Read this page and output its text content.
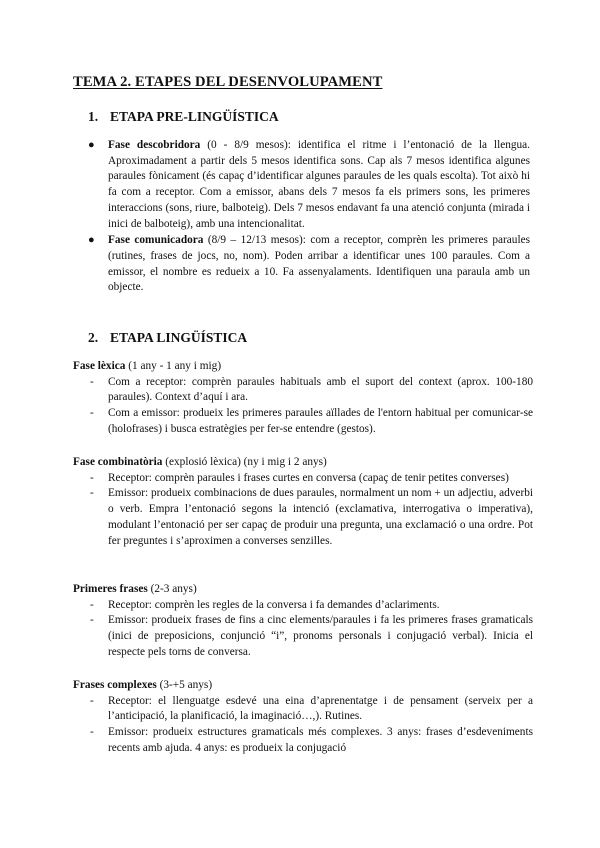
TEMA 2. ETAPES DEL DESENVOLUPAMENT
1. ETAPA PRE-LINGÜÍSTICA
● Fase descobridora (0 - 8/9 mesos): identifica el ritme i l’entonació de la llengua. Aproximadament a partir dels 5 mesos identifica sons. Cap als 7 mesos identifica algunes paraules fònicament (és capaç d’identificar algunes paraules de les quals escolta). Tot això hi fa com a receptor. Com a emissor, abans dels 7 mesos fa els primers sons, les primeres interaccions (sons, riure, balboteig). Dels 7 mesos endavant fa una atenció conjunta (mirada i inici de balboteig), amb una intencionalitat.
● Fase comunicadora (8/9 – 12/13 mesos): com a receptor, comprèn les primeres paraules (rutines, frases de jocs, no, nom). Poden arribar a identificar unes 100 paraules. Com a emissor, el nombre es redueix a 10. Fa assenyalaments. Identifiquen una paraula amb un objecte.
2. ETAPA LINGÜÍSTICA

Fase lèxica (1 any - 1 any i mig)

- Com a receptor: comprèn paraules habituals amb el suport del context (aprox. 100-180 paraules). Context d’aquí i ara.
- Com a emissor: produeix les primeres paraules aïllades de l'entorn habitual per comunicar-se (holofrases) i busca estratègies per fer-se entendre (gestos).

Fase combinatòria (explosió lèxica) (ny i mig i 2 anys)

- Receptor: comprèn paraules i frases curtes en conversa (capaç de tenir petites converses)
- Emissor: produeix combinacions de dues paraules, normalment un nom + un adjectiu, adverbi o verb. Empra l’entonació segons la intenció (exclamativa, interrogativa o imperativa), modulant l’entonació per ser capaç de produir una pregunta, una exclamació o una ordre. Pot fer preguntes i s’aproximen a converses senzilles.

Primeres frases (2-3 anys)

- Receptor: comprèn les regles de la conversa i fa demandes d’aclariments.
- Emissor: produeix frases de fins a cinc elements/paraules i fa les primeres frases gramaticals (inici de preposicions, conjunció “i”, pronoms personals i conjugació verbal). Inicia el respecte pels torns de conversa.

Frases complexes (3-+5 anys)

- Receptor: el llenguatge esdevé una eina d’aprenentatge i de pensament (serveix per a l’anticipació, la planificació, la imaginació…,). Rutines.
- Emissor: produeix estructures gramaticals més complexes. 3 anys: frases d’esdeveniments recents amb ajuda. 4 anys: es produeix la conjugació
